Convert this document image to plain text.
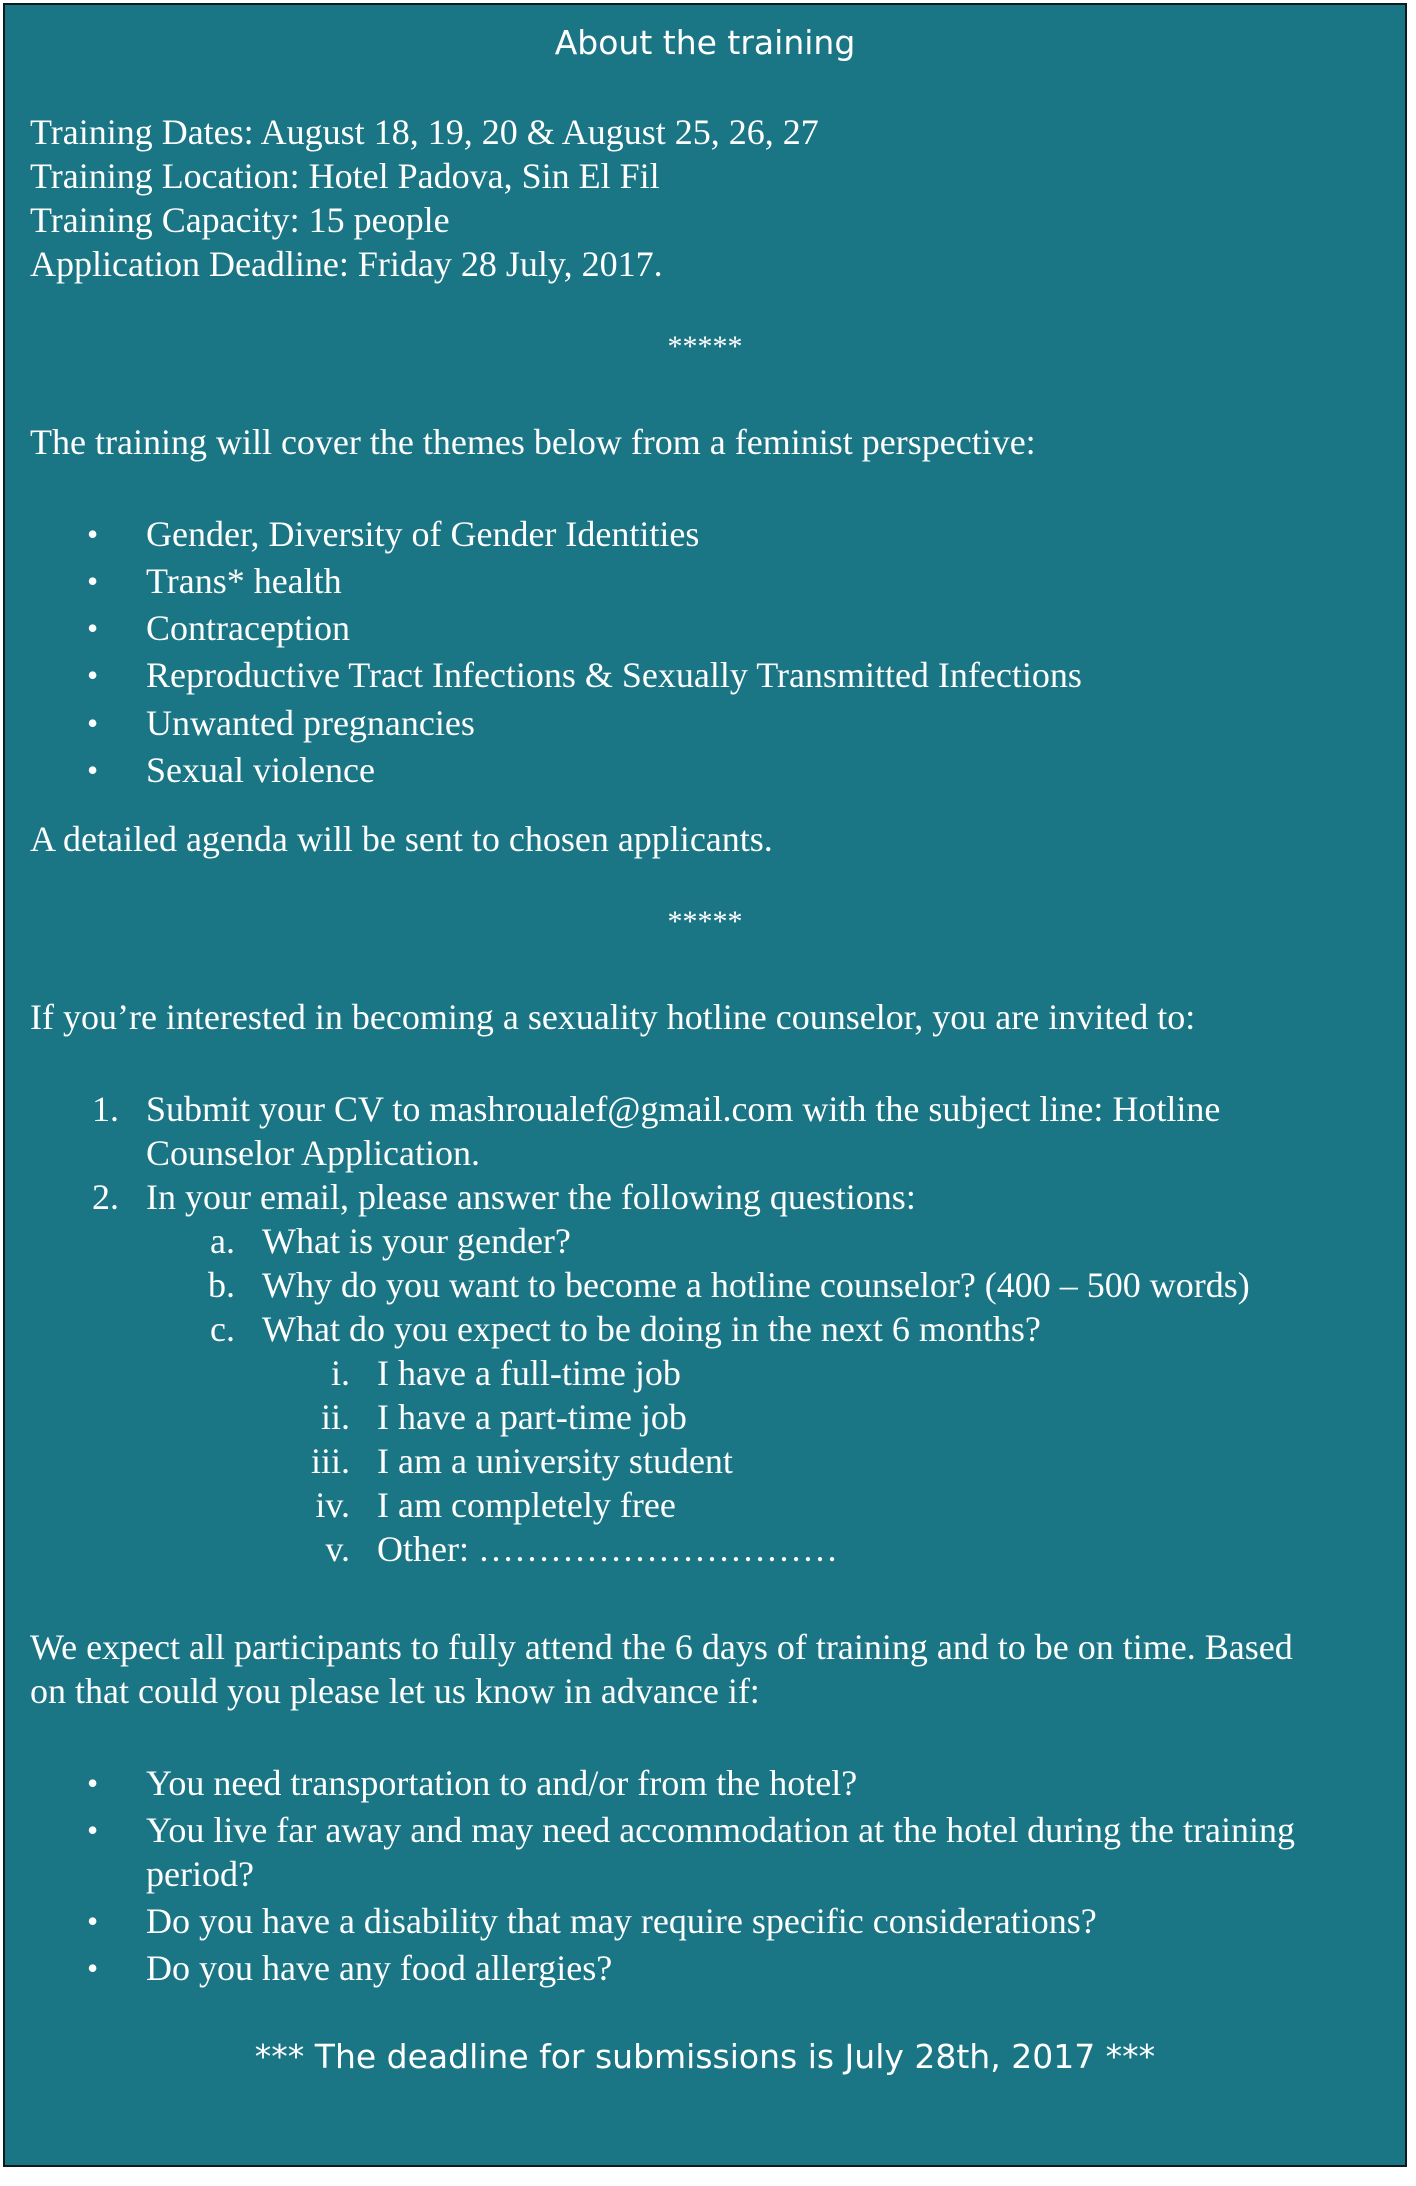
About the training
Training Dates: August 18, 19, 20 & August 25, 26, 27
Training Location: Hotel Padova, Sin El Fil
Training Capacity: 15 people
Application Deadline: Friday 28 July, 2017.
*****
The training will cover the themes below from a feminist perspective:
• Gender, Diversity of Gender Identities
• Trans* health
• Contraception
• Reproductive Tract Infections & Sexually Transmitted Infections
• Unwanted pregnancies
• Sexual violence
A detailed agenda will be sent to chosen applicants.
*****
If you’re interested in becoming a sexuality hotline counselor, you are invited to:
1. Submit your CV to mashroualef@gmail.com with the subject line: Hotline
Counselor Application.
2. In your email, please answer the following questions:
a. What is your gender?
b. Why do you want to become a hotline counselor? (400 – 500 words)
c. What do you expect to be doing in the next 6 months?
i. I have a full-time job
ii. I have a part-time job
iii. I am a university student
iv. I am completely free
v. Other: …………………………
We expect all participants to fully attend the 6 days of training and to be on time. Based
on that could you please let us know in advance if:
• You need transportation to and/or from the hotel?
• You live far away and may need accommodation at the hotel during the training
period?
• Do you have a disability that may require specific considerations?
• Do you have any food allergies?
*** The deadline for submissions is July 28th, 2017 ***
